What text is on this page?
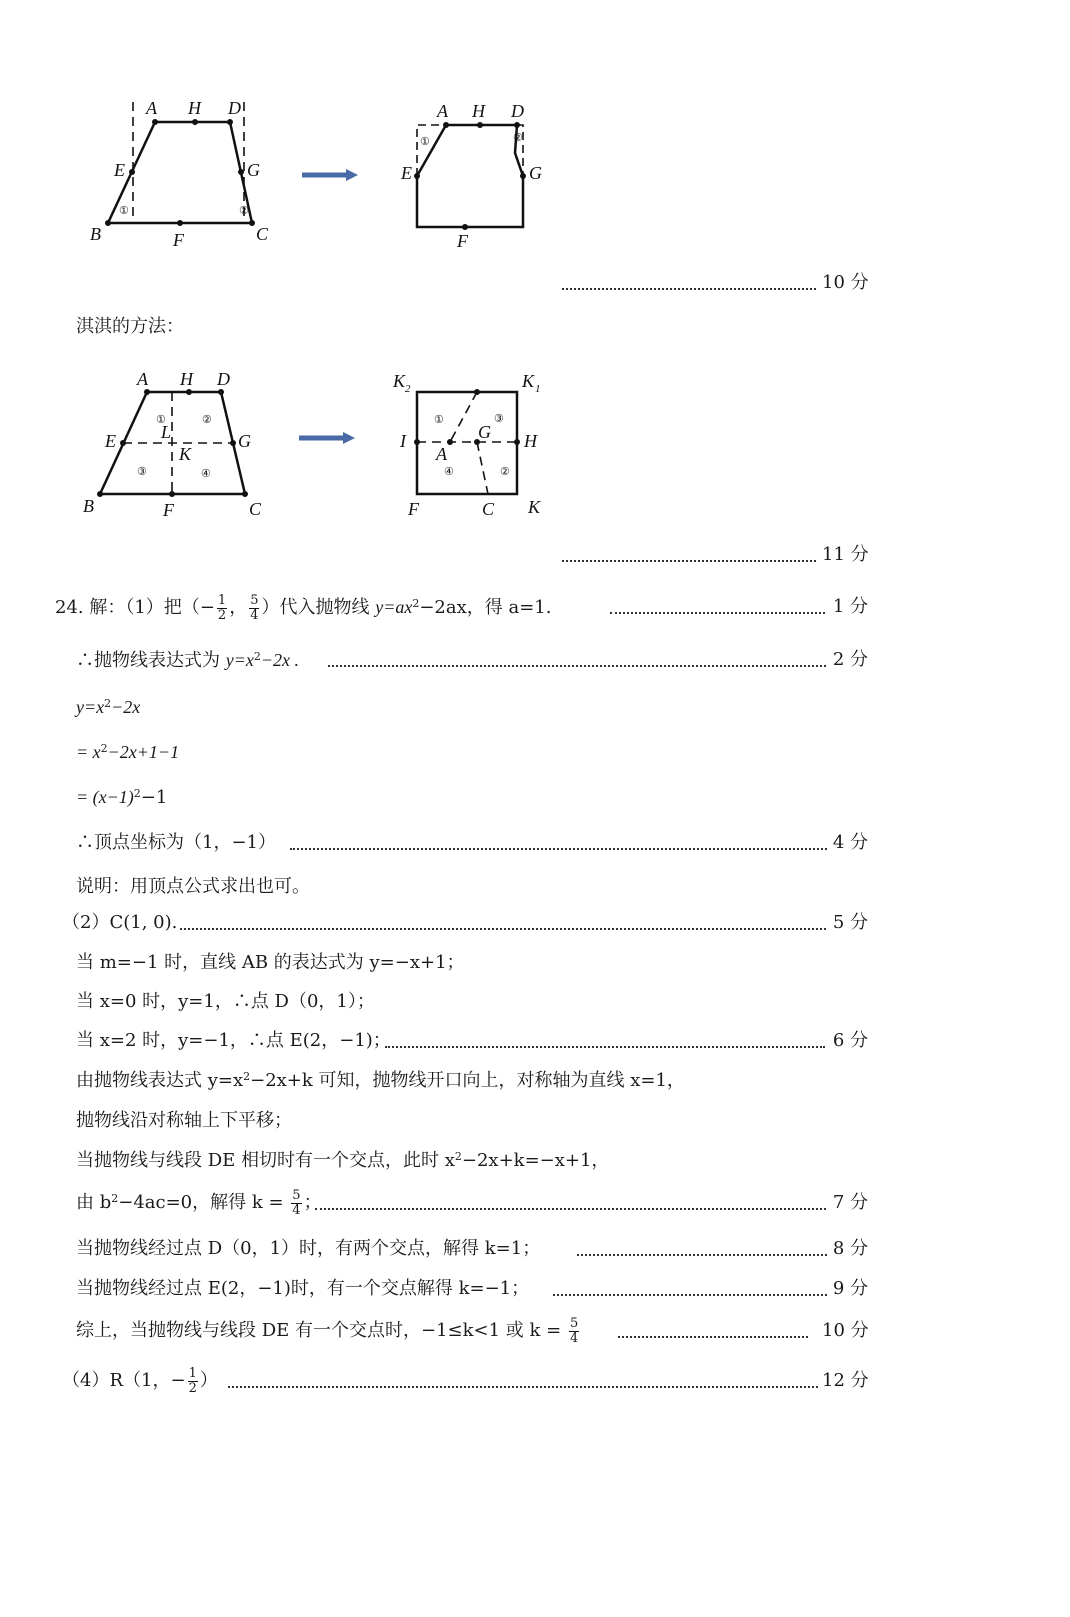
A H D
E	G
B	F	C
①	②
A H D
E	G
F
①	②
10 分
淇淇的方法：
A H D
E	G
L
K
B	F	C
①	②
③	④
K 2	K 1
I	H
G
A
F	C K
①	③
④	②
11 分
24. 解：（1）把（− $\frac{1}{2}$ ， $\frac{5}{4}$ ）代入抛物线 $y=ax^2-2ax$，得 a=1.	1 分
∴抛物线表达式为 $y=x^2-2x$ .	2 分
$y=x^2-2x$
= $x^2-2x+1-1$
= $(x-1)^2-1$
∴顶点坐标为（1，−1）	4 分
说明：用顶点公式求出也可。
（2）C(1, 0).	5 分
当 m=−1 时，直线 AB 的表达式为 y=−x+1；
当 x=0 时，y=1，∴点 D（0，1）；
当 x=2 时，y=−1，∴点 E(2，−1)；	6 分
由抛物线表达式 $y=x^2-2x+k$ 可知，抛物线开口向上，对称轴为直线 x=1，
抛物线沿对称轴上下平移；
当抛物线与线段 DE 相切时有一个交点，此时 $x^2-2x+k=-x+1$，
由 $b^2-4ac=0$，解得 $k = \frac{5}{4}$ ；	7 分
当抛物线经过点 D（0，1）时，有两个交点，解得 k=1；	8 分
当抛物线经过点 E(2，−1)时，有一个交点解得 k=−1；	9 分
综上，当抛物线与线段 DE 有一个交点时，−1≤k<1 或 $k = \frac{5}{4}$	10 分
（4）R（1，− $\frac{1}{2}$ ）	12 分
